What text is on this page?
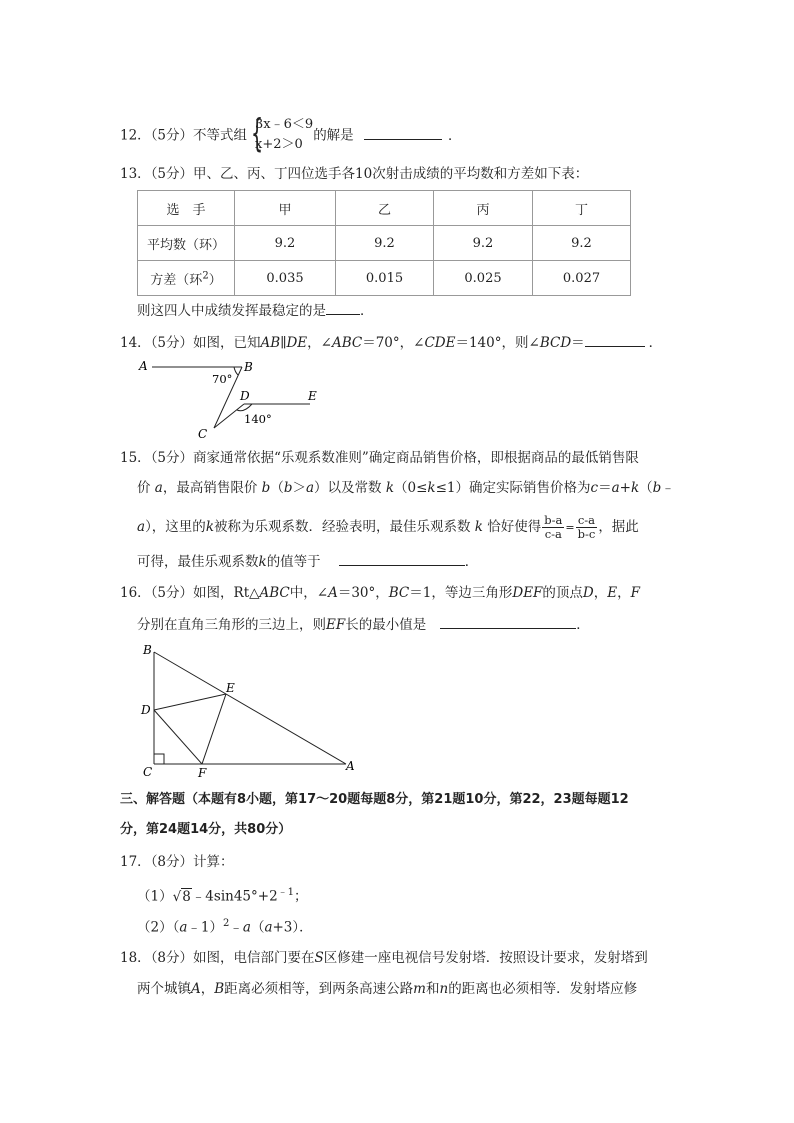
12．（5分）不等式组 {
3x﹣6＜9
x+2＞0
的解是	．
13．（5分）甲、乙、丙、丁四位选手各10次射击成绩的平均数和方差如下表：
选　手	甲	乙	丙	丁
平均数（环）	9.2	9.2	9.2	9.2
方差（环$^2$）	0.035	0.015	0.025	0.027
则这四人中成绩发挥最稳定的是	．
14．（5分）如图，已知AB∥DE，∠ABC＝70°，∠CDE＝140°，则∠BCD＝	．
A	B
C
D	E
70°
140°
15．（5分）商家通常依据“乐观系数准则”确定商品销售价格，即根据商品的最低销售限
价 a，最高销售限价 b（b＞a）以及常数 k（0≤k≤1）确定实际销售价格为c＝a+k（b﹣
a），这里的k被称为乐观系数．经验表明，最佳乐观系数 k 恰好使得 $\frac{b-a}{c-a} = \frac{c-a}{b-c}$ ，据此
可得，最佳乐观系数k的值等于	．
16．（5分）如图，Rt△ABC中，∠A＝30°，BC＝1，等边三角形DEF的顶点D，E，F
分别在直角三角形的三边上，则EF长的最小值是	．
B
E
D
C	F	A
三、解答题（本题有8小题，第17～20题每题8分，第21题10分，第22，23题每题12
分，第24题14分，共80分）
17．（8分）计算：
$(1)√8﹣4\sin 45^\circ+2^{﹣1}$；
（2）（a﹣1）$^2$﹣a（a+3）．
18．（8分）如图，电信部门要在S区修建一座电视信号发射塔．按照设计要求，发射塔到
两个城镇A，B距离必须相等，到两条高速公路m和n的距离也必须相等．发射塔应修
